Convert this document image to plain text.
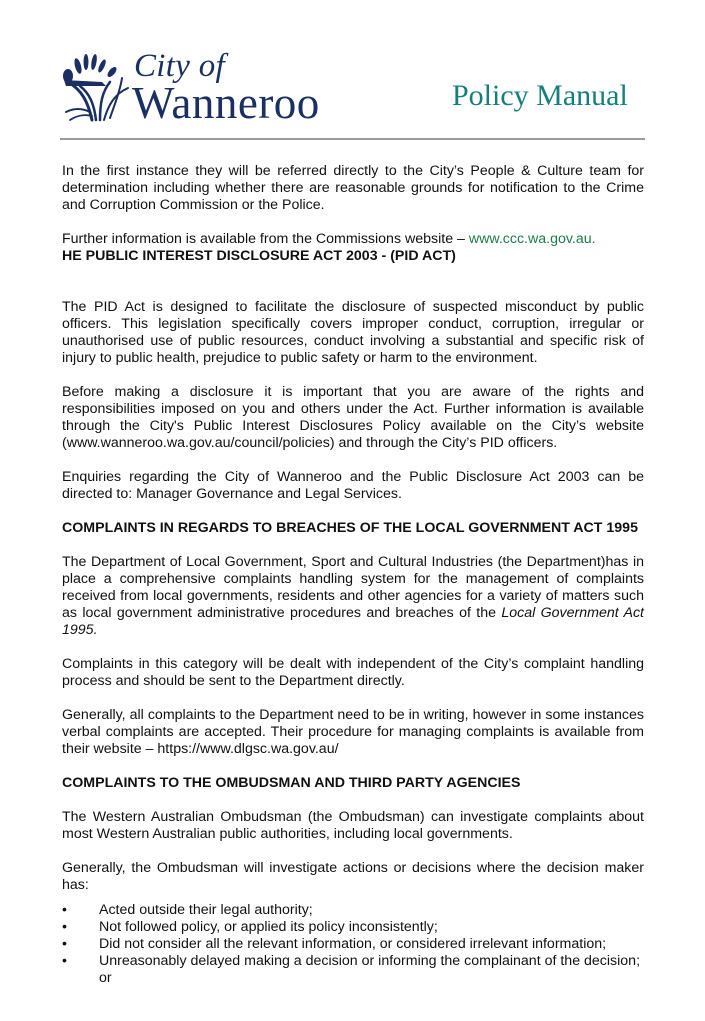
City of
Wanneroo	Policy Manual

In the first instance they will be referred directly to the City’s People & Culture team for determination including whether there are reasonable grounds for notification to the Crime and Corruption Commission or the Police.

Further information is available from the Commissions website – www.ccc.wa.gov.au.

HE PUBLIC INTEREST DISCLOSURE ACT 2003 - (PID ACT)

The PID Act is designed to facilitate the disclosure of suspected misconduct by public officers. This legislation specifically covers improper conduct, corruption, irregular or unauthorised use of public resources, conduct involving a substantial and specific risk of injury to public health, prejudice to public safety or harm to the environment.

Before making a disclosure it is important that you are aware of the rights and responsibilities imposed on you and others under the Act. Further information is available through the City's Public Interest Disclosures Policy available on the City’s website (www.wanneroo.wa.gov.au/council/policies) and through the City’s PID officers.

Enquiries regarding the City of Wanneroo and the Public Disclosure Act 2003 can be directed to: Manager Governance and Legal Services.

COMPLAINTS IN REGARDS TO BREACHES OF THE LOCAL GOVERNMENT ACT 1995

The Department of Local Government, Sport and Cultural Industries (the Department)has in place a comprehensive complaints handling system for the management of complaints received from local governments, residents and other agencies for a variety of matters such as local government administrative procedures and breaches of the Local Government Act 1995.

Complaints in this category will be dealt with independent of the City’s complaint handling process and should be sent to the Department directly.

Generally, all complaints to the Department need to be in writing, however in some instances verbal complaints are accepted. Their procedure for managing complaints is available from their website – https://www.dlgsc.wa.gov.au/

COMPLAINTS TO THE OMBUDSMAN AND THIRD PARTY AGENCIES

The Western Australian Ombudsman (the Ombudsman) can investigate complaints about most Western Australian public authorities, including local governments.

Generally, the Ombudsman will investigate actions or decisions where the decision maker has:

•	Acted outside their legal authority;
•	Not followed policy, or applied its policy inconsistently;
•	Did not consider all the relevant information, or considered irrelevant information;
•	Unreasonably delayed making a decision or informing the complainant of the decision; or
